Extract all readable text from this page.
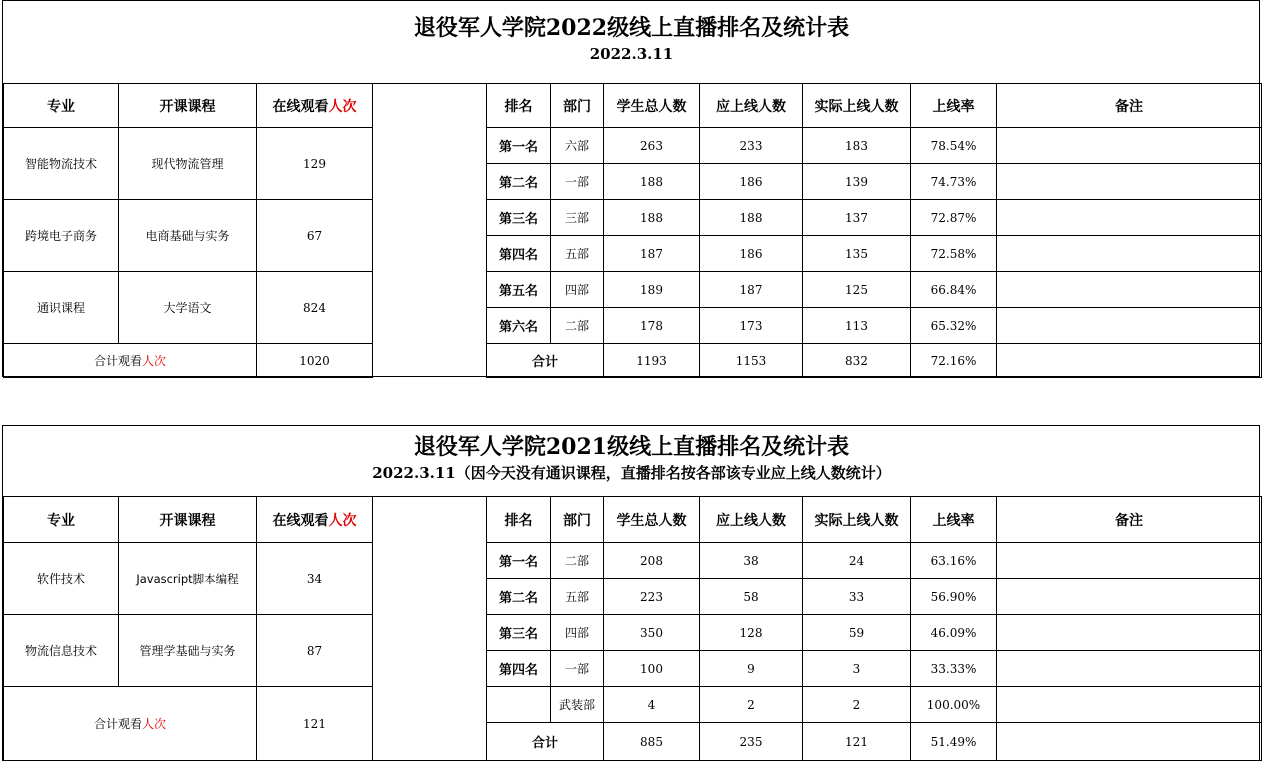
退役军人学院2022级线上直播排名及统计表
2022.3.11
专业	开课课程	在线观看人次
智能物流技术	现代物流管理	129
跨境电子商务	电商基础与实务	67
通识课程	大学语文	824
合计观看人次		1020
排名	部门	学生总人数	应上线人数	实际上线人数	上线率	备注
第一名	六部	263	233	183	78.54%	
第二名	一部	188	186	139	74.73%	
第三名	三部	188	188	137	72.87%	
第四名	五部	187	186	135	72.58%	
第五名	四部	189	187	125	66.84%	
第六名	二部	178	173	113	65.32%	
合计		1193	1153	832	72.16%	
退役军人学院2021级线上直播排名及统计表
2022.3.11（因今天没有通识课程，直播排名按各部该专业应上线人数统计）
专业	开课课程	在线观看人次
软件技术	Javascript脚本编程	34
物流信息技术	管理学基础与实务	87
合计观看人次		121
排名	部门	学生总人数	应上线人数	实际上线人数	上线率	备注
第一名	二部	208	38	24	63.16%	
第二名	五部	223	58	33	56.90%	
第三名	四部	350	128	59	46.09%	
第四名	一部	100	9	3	33.33%	
	武装部	4	2	2	100.00%	
合计		885	235	121	51.49%	
